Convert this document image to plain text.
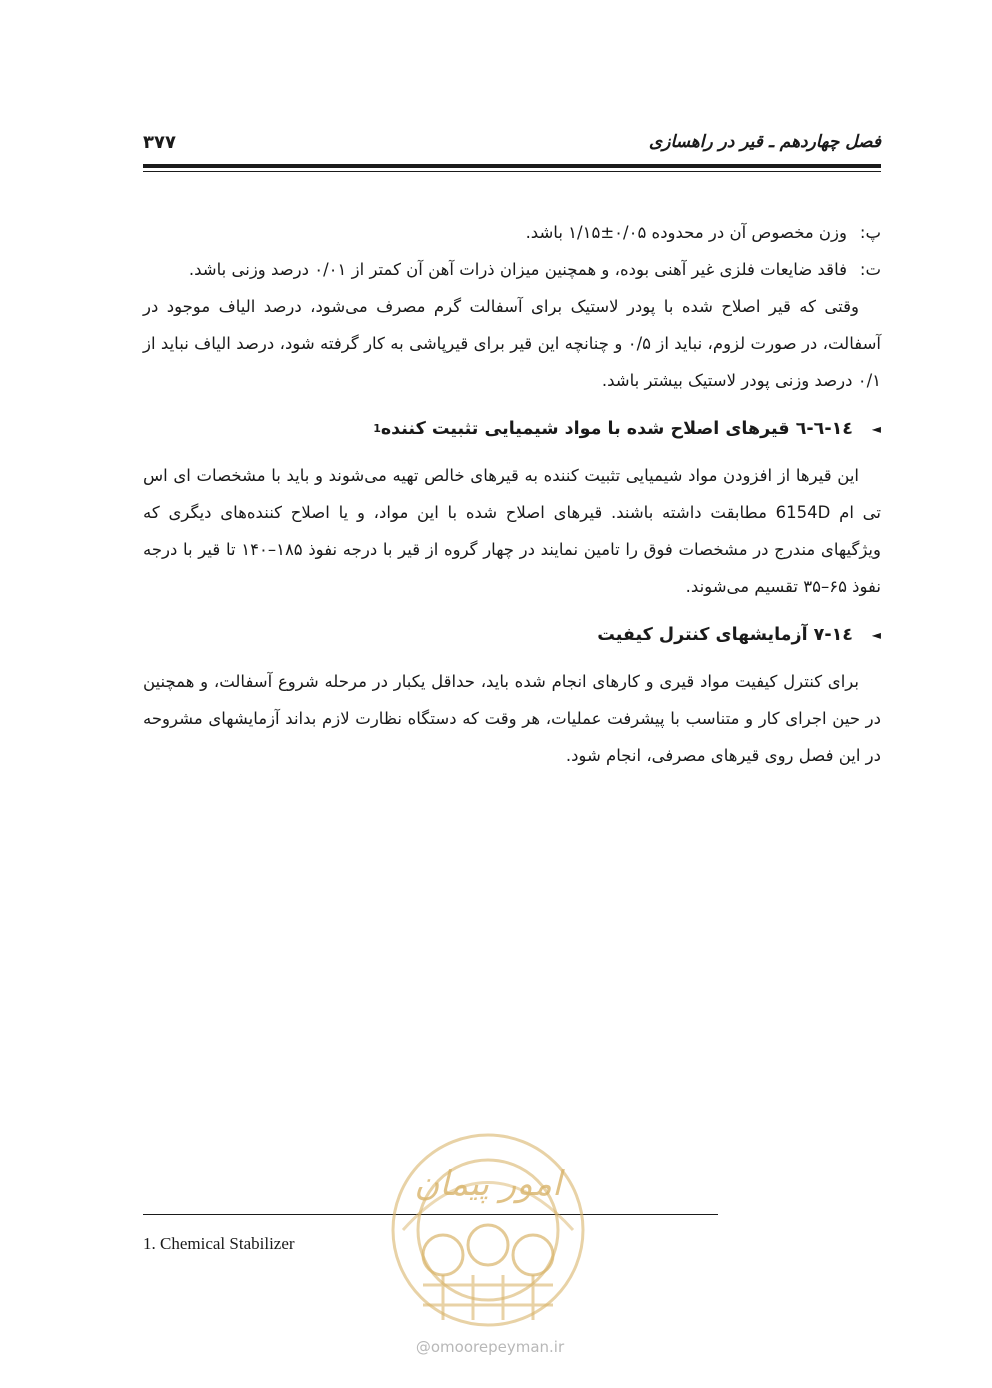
فصل چهاردهم ـ قیر در راهسازی
۳۷۷
پ:
وزن مخصوص آن در محدوده ۰/۰۵±۱/۱۵ باشد.
ت:
فاقد ضایعات فلزی غیر آهنی بوده، و همچنین میزان ذرات آهن آن کمتر از ۰/۰۱ درصد وزنی باشد.

وقتی که قیر اصلاح شده با پودر لاستیک برای آسفالت گرم مصرف می‌شود، درصد الیاف موجود در آسفالت، در صورت لزوم، نباید از ۰/۵ و چنانچه این قیر برای قیرپاشی به کار گرفته شود، درصد الیاف نباید از ۰/۱ درصد وزنی پودر لاستیک بیشتر باشد.

◄
١٤-٦-٦ قیرهای اصلاح شده با مواد شیمیایی تثبیت کننده
1

این قیرها از افزودن مواد شیمیایی تثبیت کننده به قیرهای خالص تهیه می‌شوند و باید با مشخصات ای اس تی ام 6154D مطابقت داشته باشند. قیرهای اصلاح شده با این مواد، و یا اصلاح کننده‌های دیگری که ویژگیهای مندرج در مشخصات فوق را تامین نمایند در چهار گروه از قیر با درجه نفوذ ۱۸۵–۱۴۰ تا قیر با درجه نفوذ ۶۵–۳۵ تقسیم می‌شوند.

◄
١٤-٧ آزمایشهای کنترل کیفیت

برای کنترل کیفیت مواد قیری و کارهای انجام شده باید، حداقل یکبار در مرحله شروع آسفالت، و همچنین در حین اجرای کار و متناسب با پیشرفت عملیات، هر وقت که دستگاه نظارت لازم بداند آزمایشهای مشروحه در این فصل روی قیرهای مصرفی، انجام شود.

1. Chemical Stabilizer
امور پیمان
@omoorepeyman.ir
